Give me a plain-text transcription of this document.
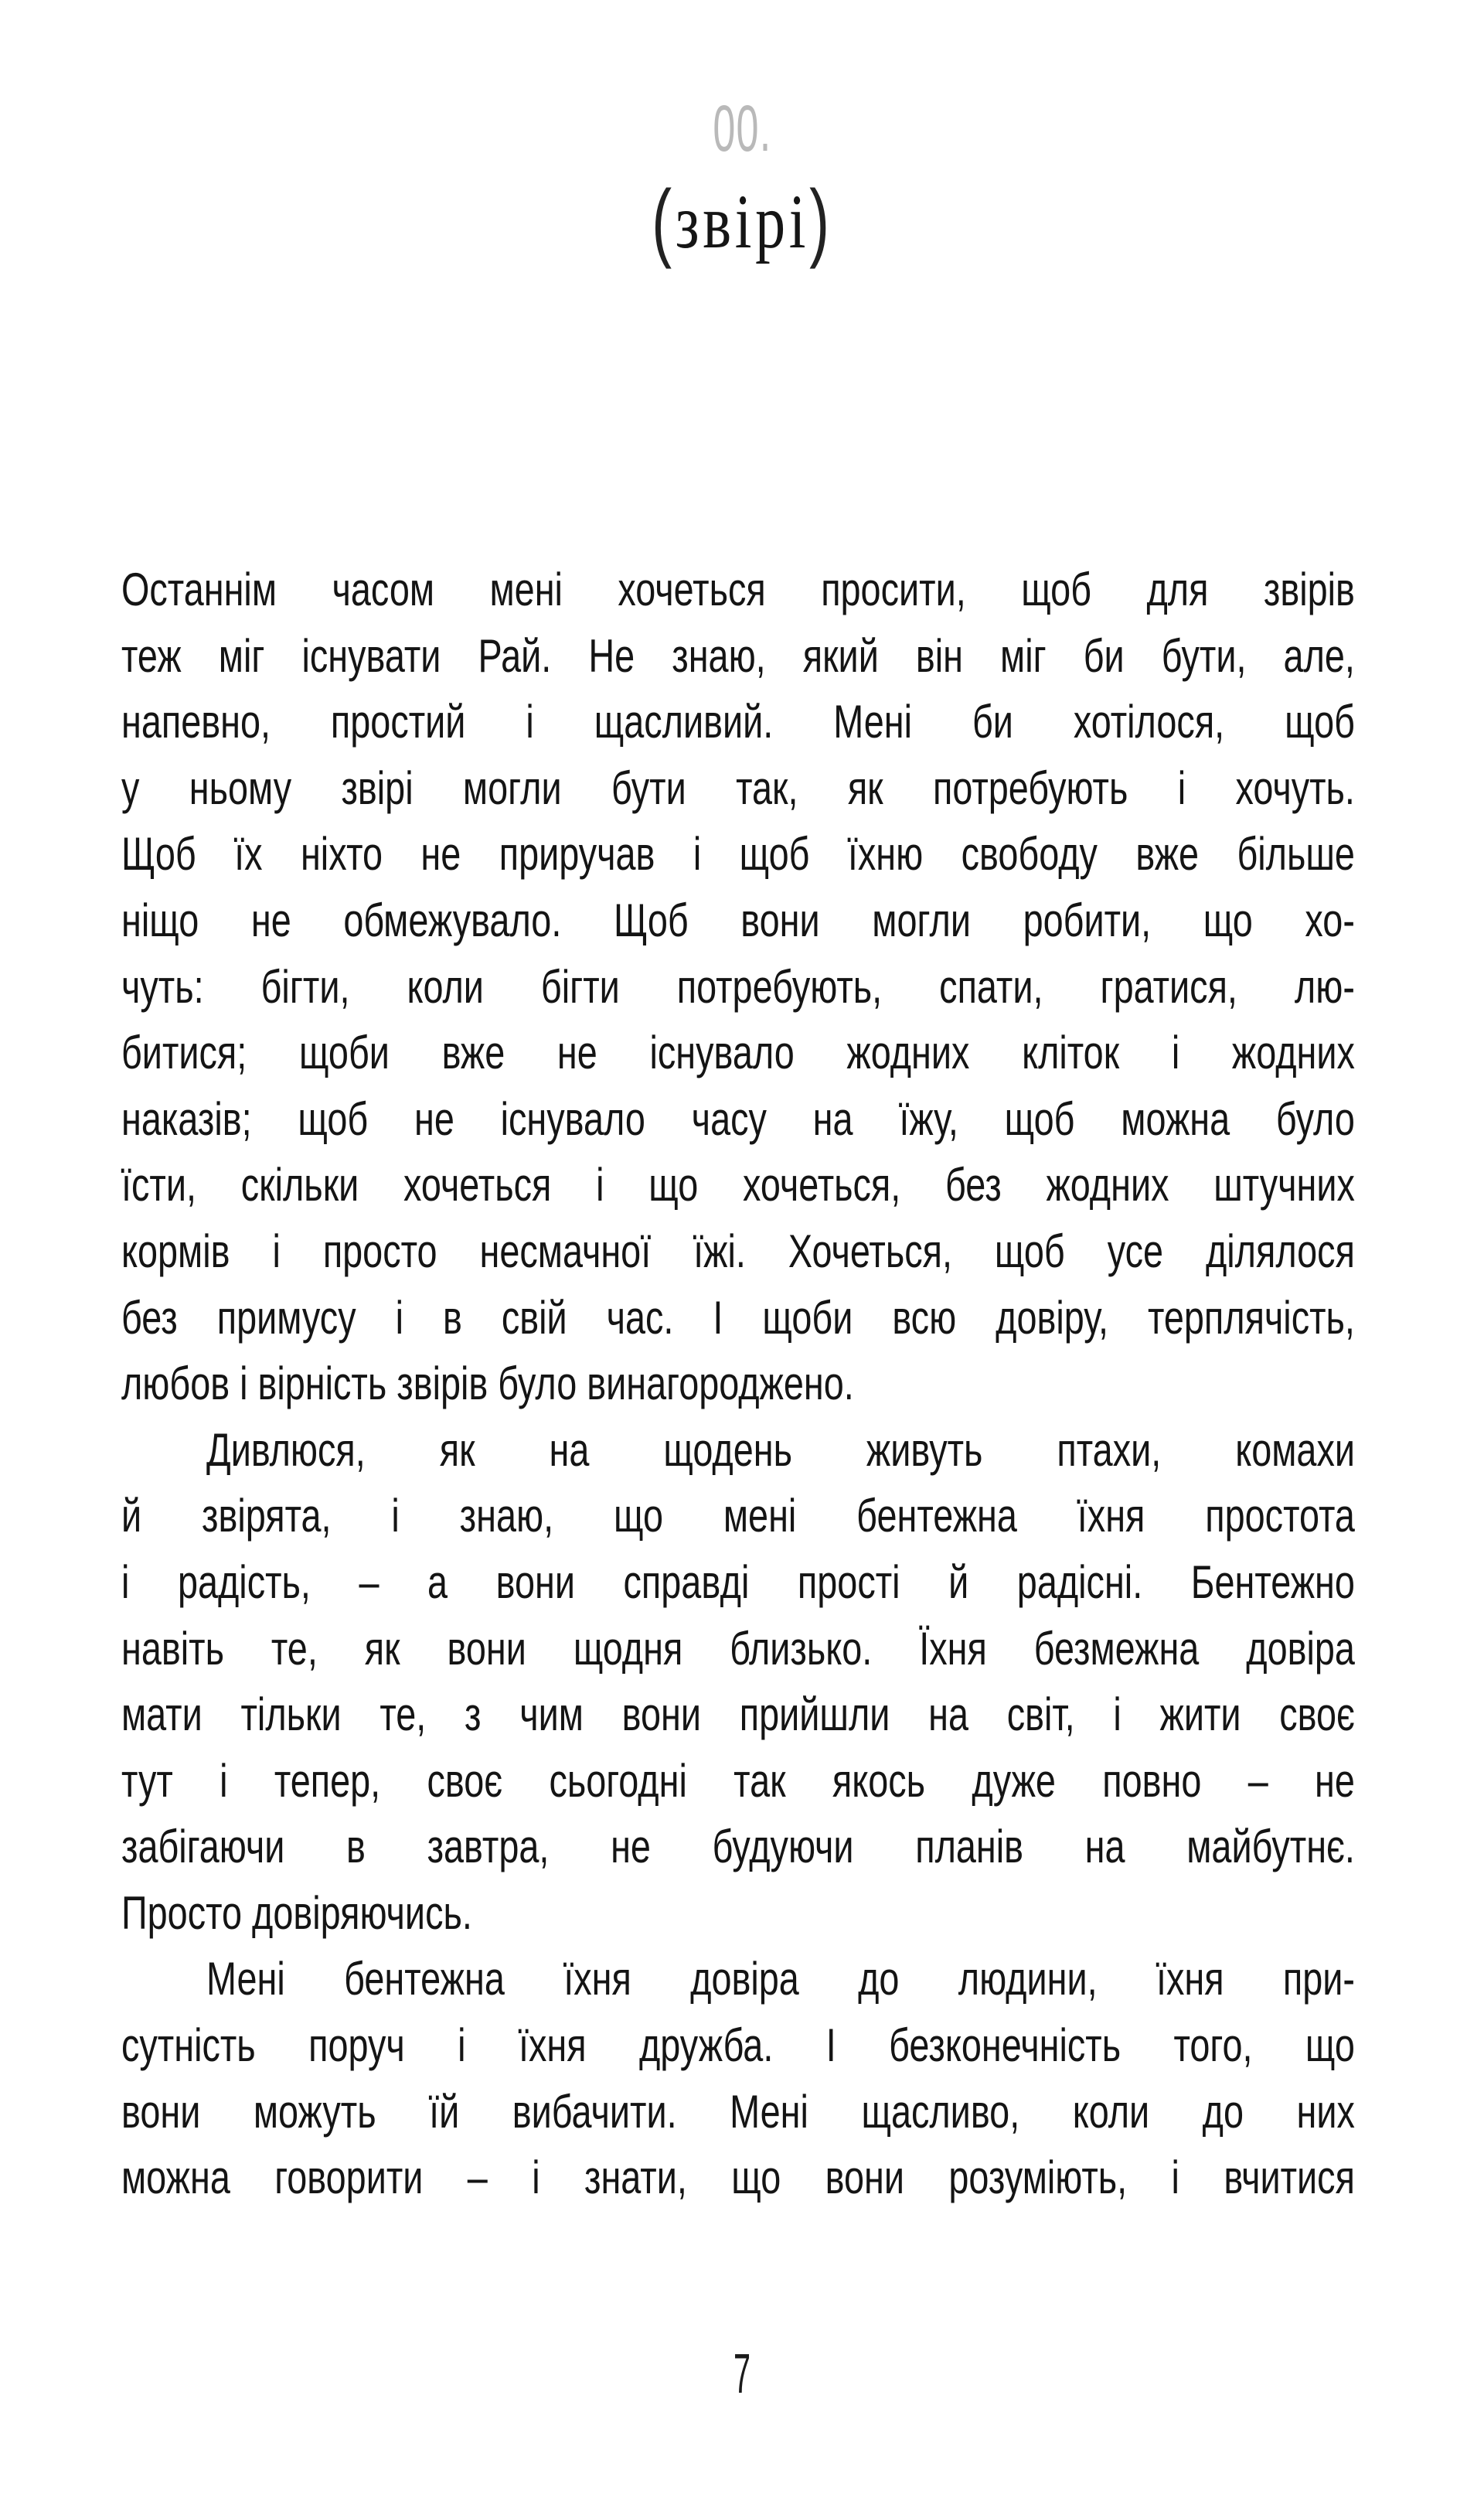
00.
(звірі)
Останнім часом мені хочеться просити, щоб для звірів
теж міг існувати Рай. Не знаю, який він міг би бути, але,
напевно, простий і щасливий. Мені би хотілося, щоб
у ньому звірі могли бути так, як потребують і хочуть.
Щоб їх ніхто не приручав і щоб їхню свободу вже більше
ніщо не обмежувало. Щоб вони могли робити, що хо-
чуть: бігти, коли бігти потребують, спати, гратися, лю-
битися; щоби вже не існувало жодних кліток і жодних
наказів; щоб не існувало часу на їжу, щоб можна було
їсти, скільки хочеться і що хочеться, без жодних штучних
кормів і просто несмачної їжі. Хочеться, щоб усе ділялося
без примусу і в свій час. І щоби всю довіру, терплячість,
любов і вірність звірів було винагороджено.
Дивлюся, як на щодень живуть птахи, комахи
й звірята, і знаю, що мені бентежна їхня простота
і радість, – а вони справді прості й радісні. Бентежно
навіть те, як вони щодня близько. Їхня безмежна довіра
мати тільки те, з чим вони прийшли на світ, і жити своє
тут і тепер, своє сьогодні так якось дуже повно – не
забігаючи в завтра, не будуючи планів на майбутнє.
Просто довіряючись.
Мені бентежна їхня довіра до людини, їхня при-
сутність поруч і їхня дружба. І безконечність того, що
вони можуть їй вибачити. Мені щасливо, коли до них
можна говорити – і знати, що вони розуміють, і вчитися
7
